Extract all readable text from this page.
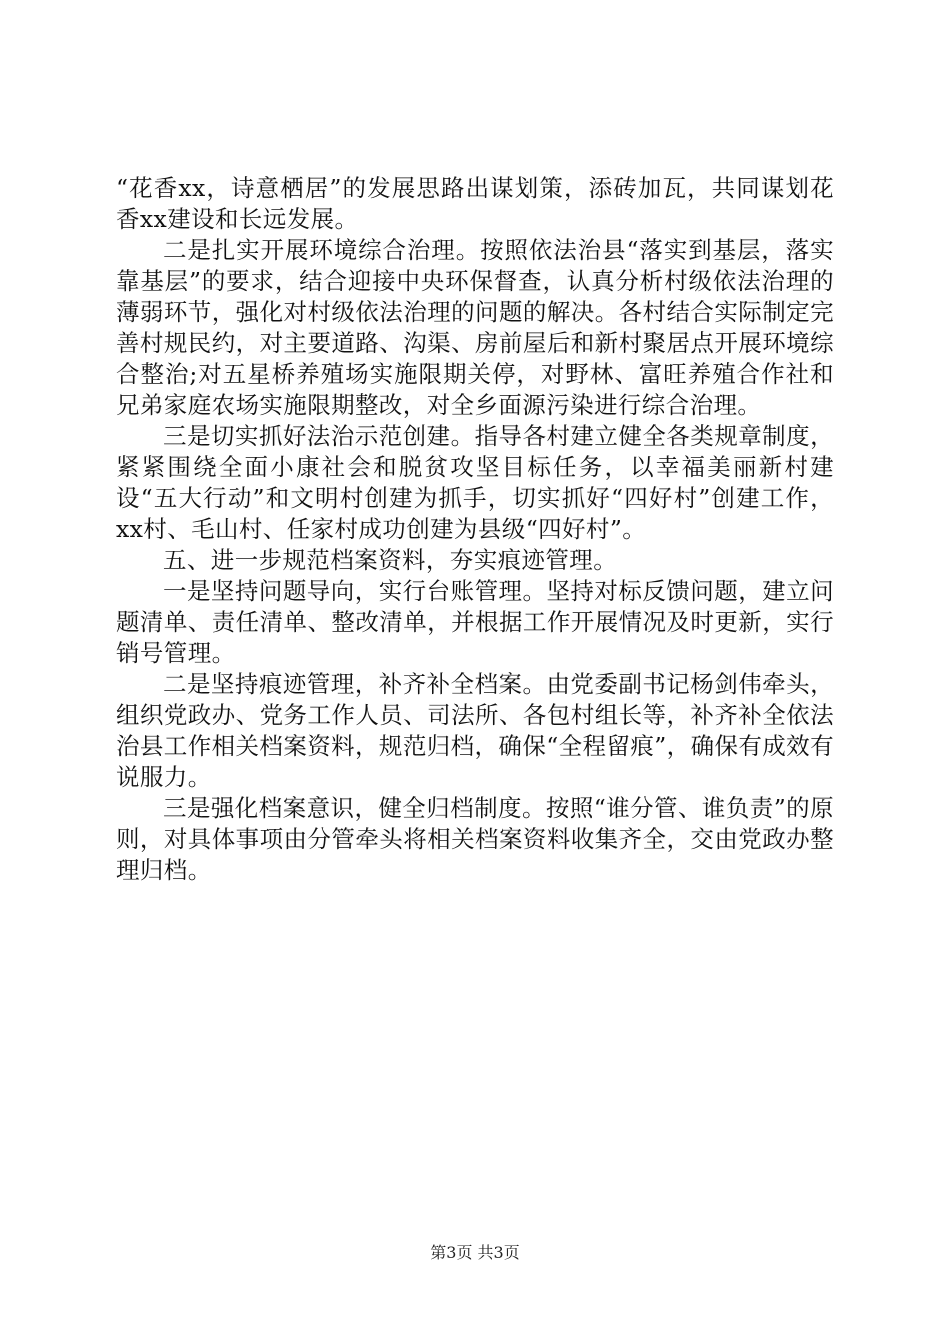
“花香xx，诗意栖居”的发展思路出谋划策，添砖加瓦，共同谋划花香xx建设和长远发展。

二是扎实开展环境综合治理。按照依法治县“落实到基层，落实靠基层”的要求，结合迎接中央环保督查，认真分析村级依法治理的薄弱环节，强化对村级依法治理的问题的解决。各村结合实际制定完善村规民约，对主要道路、沟渠、房前屋后和新村聚居点开展环境综合整治;对五星桥养殖场实施限期关停，对野林、富旺养殖合作社和兄弟家庭农场实施限期整改，对全乡面源污染进行综合治理。

三是切实抓好法治示范创建。指导各村建立健全各类规章制度，紧紧围绕全面小康社会和脱贫攻坚目标任务，以幸福美丽新村建设“五大行动”和文明村创建为抓手，切实抓好“四好村”创建工作，xx村、毛山村、任家村成功创建为县级“四好村”。

五、进一步规范档案资料，夯实痕迹管理。

一是坚持问题导向，实行台账管理。坚持对标反馈问题，建立问题清单、责任清单、整改清单，并根据工作开展情况及时更新，实行销号管理。

二是坚持痕迹管理，补齐补全档案。由党委副书记杨剑伟牵头，组织党政办、党务工作人员、司法所、各包村组长等，补齐补全依法治县工作相关档案资料，规范归档，确保“全程留痕”，确保有成效有说服力。

三是强化档案意识，健全归档制度。按照“谁分管、谁负责”的原则，对具体事项由分管牵头将相关档案资料收集齐全，交由党政办整理归档。

第3页 共3页
